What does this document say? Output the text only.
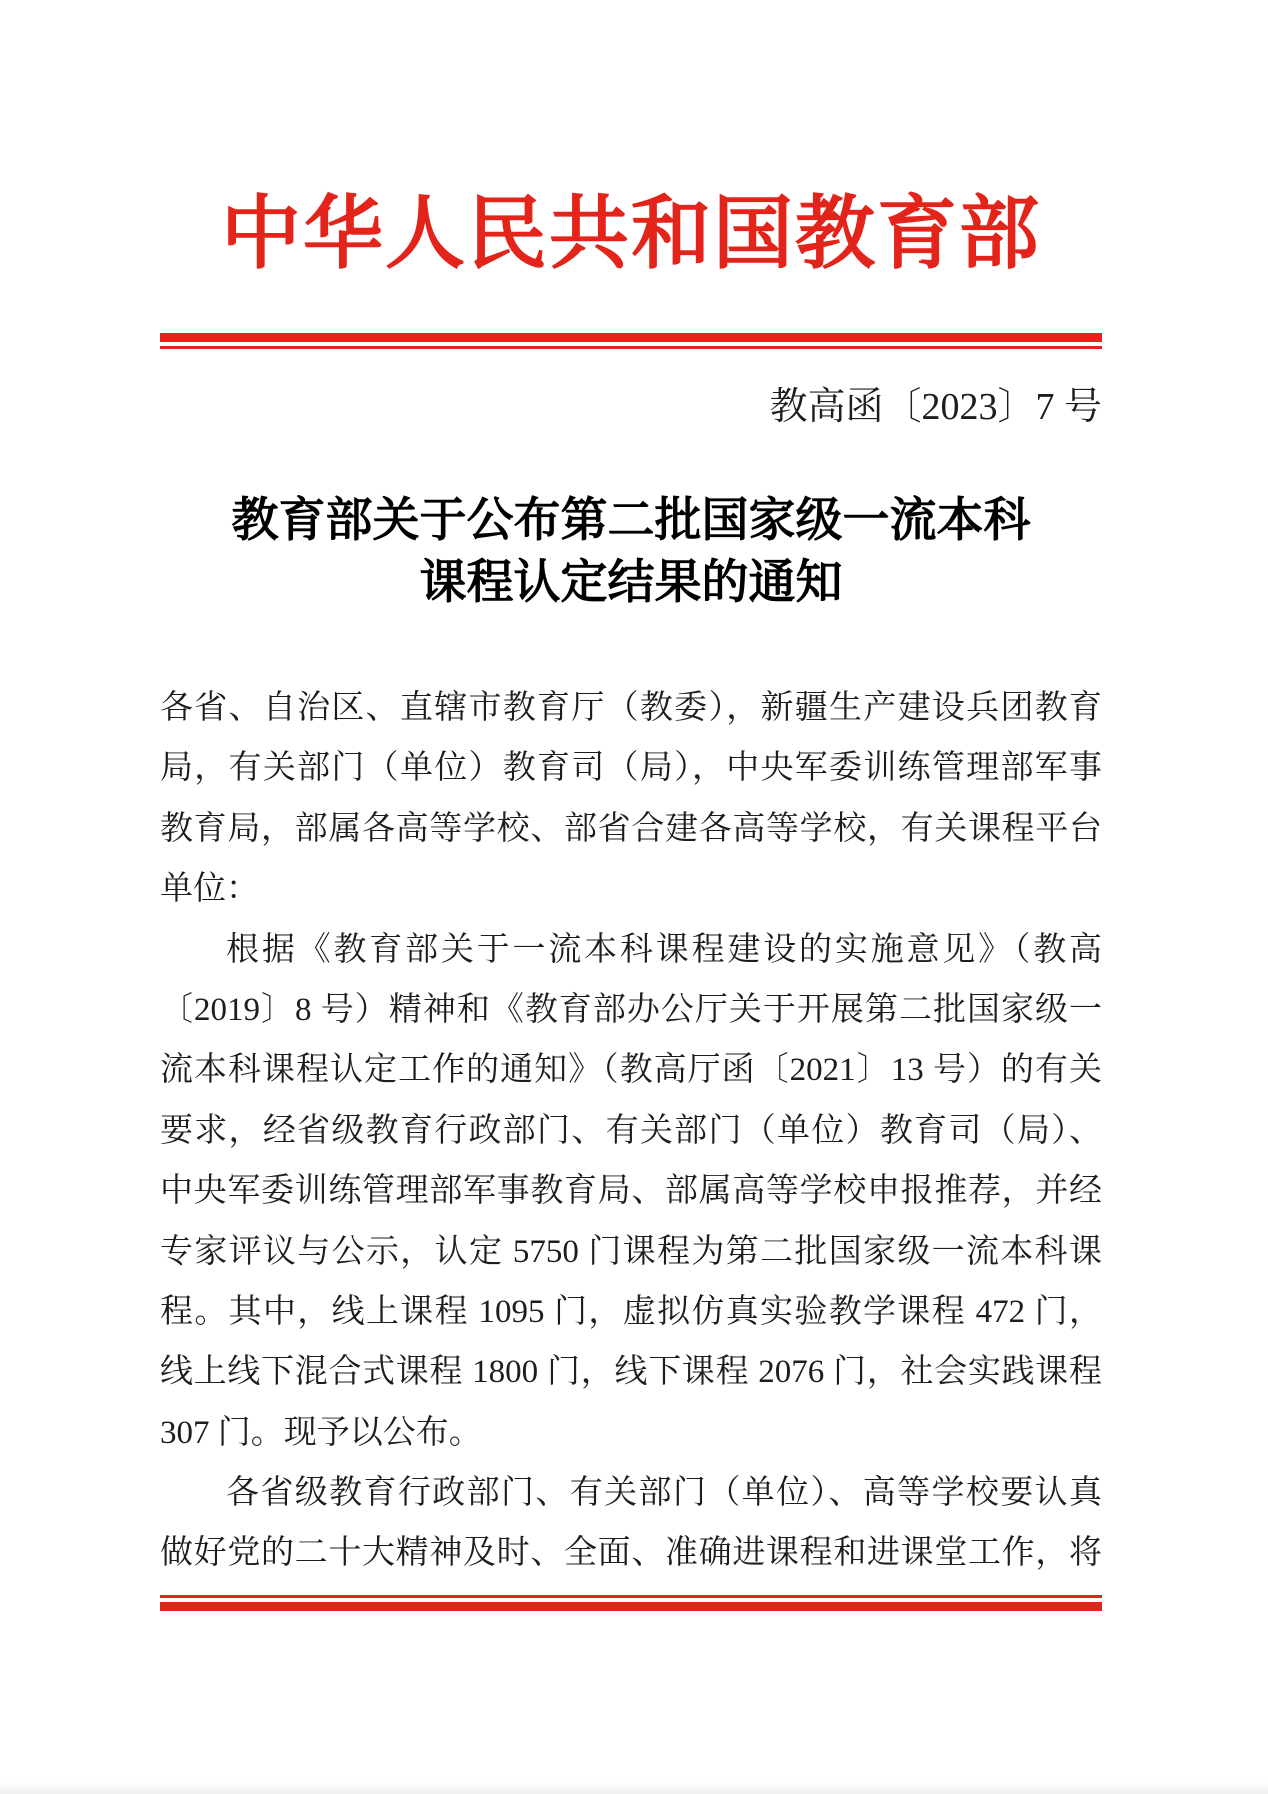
中华人民共和国教育部
教高函〔2023〕7 号
教育部关于公布第二批国家级一流本科
课程认定结果的通知
各省、自治区、直辖市教育厅（教委），新疆生产建设兵团教育
局，有关部门（单位）教育司（局），中央军委训练管理部军事
教育局，部属各高等学校、部省合建各高等学校，有关课程平台
单位：
根据《教育部关于一流本科课程建设的实施意见》（教高
〔2019〕8 号）精神和《教育部办公厅关于开展第二批国家级一
流本科课程认定工作的通知》（教高厅函〔2021〕13 号）的有关
要求，经省级教育行政部门、有关部门（单位）教育司（局）、
中央军委训练管理部军事教育局、部属高等学校申报推荐，并经
专家评议与公示，认定 5750 门课程为第二批国家级一流本科课
程。其中，线上课程 1095 门，虚拟仿真实验教学课程 472 门，
线上线下混合式课程 1800 门，线下课程 2076 门，社会实践课程
307 门。现予以公布。
各省级教育行政部门、有关部门（单位）、高等学校要认真
做好党的二十大精神及时、全面、准确进课程和进课堂工作，将
